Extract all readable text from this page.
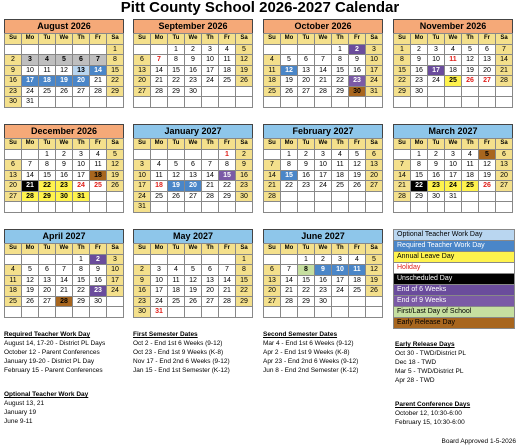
Pitt County School 2026-2027 Calendar
August 2026
Su	Mo	Tu	We	Th	Fr	Sa
						1
2	3	4	5	6	7	8
9	10	11	12	13	14	15
16	17	18	19	20	21	22
23	24	25	26	27	28	29
30	31					
September 2026
Su	Mo	Tu	We	Th	Fr	Sa
		1	2	3	4	5
6	7	8	9	10	11	12
13	14	15	16	17	18	19
20	21	22	23	24	25	26
27	28	29	30			

October 2026
Su	Mo	Tu	We	Th	Fr	Sa
				1	2	3
4	5	6	7	8	9	10
11	12	13	14	15	16	17
18	19	20	21	22	23	24
25	26	27	28	29	30	31

November 2026
Su	Mo	Tu	We	Th	Fr	Sa
1	2	3	4	5	6	7
8	9	10	11	12	13	14
15	16	17	18	19	20	21
22	23	24	25	26	27	28
29	30					

December 2026
Su	Mo	Tu	We	Th	Fr	Sa
		1	2	3	4	5
6	7	8	9	10	11	12
13	14	15	16	17	18	19
20	21	22	23	24	25	26
27	28	29	30	31		

January 2027
Su	Mo	Tu	We	Th	Fr	Sa
					1	2
3	4	5	6	7	8	9
10	11	12	13	14	15	16
17	18	19	20	21	22	23
24	25	26	27	28	29	30
31						
February 2027
Su	Mo	Tu	We	Th	Fr	Sa
	1	2	3	4	5	6
7	8	9	10	11	12	13
14	15	16	17	18	19	20
21	22	23	24	25	26	27
28						

March 2027
Su	Mo	Tu	We	Th	Fr	Sa
	1	2	3	4	5	6
7	8	9	10	11	12	13
14	15	16	17	18	19	20
21	22	23	24	25	26	27
28	29	30	31			

April 2027
Su	Mo	Tu	We	Th	Fr	Sa
				1	2	3
4	5	6	7	8	9	10
11	12	13	14	15	16	17
18	19	20	21	22	23	24
25	26	27	28	29	30	

May 2027
Su	Mo	Tu	We	Th	Fr	Sa
						1
2	3	4	5	6	7	8
9	10	11	12	13	14	15
16	17	18	19	20	21	22
23	24	25	26	27	28	29
30	31					
June 2027
Su	Mo	Tu	We	Th	Fr	Sa
		1	2	3	4	5
6	7	8	9	10	11	12
13	14	15	16	17	18	19
20	21	22	23	24	25	26
27	28	29	30			

Optional Teacher Work Day
Required Teacher Work Day
Annual Leave Day
Holiday
Unscheduled Day
End of 6 Weeks
End of 9 Weeks
First/Last Day of School
Early Release Day
Required Teacher Work Day
August 14, 17-20 - District PL Days
October 12 - Parent Conferences
January 19-20 - District PL Day
February 15 - Parent Conferences
Optional Teacher Work Day
August 13, 21
January 19
June 9-11
First Semester Dates
Oct 2 - End 1st 6 Weeks (9-12)
Oct 23 - End 1st 9 Weeks (K-8)
Nov 17 - End 2nd 6 Weeks (9-12)
Jan 15 - End 1st Semester (K-12)
Second Semester Dates
Mar 4 - End 1st 6 Weeks (9-12)
Apr 2 - End 1st 9 Weeks (K-8)
Apr 23 - End 2nd 6 Weeks (9-12)
Jun 8 - End 2nd Semester (K-12)
Early Release Days
Oct 30 - TWD/District PL
Dec 18 - TWD
Mar 5 - TWD/District PL
Apr 28 - TWD
Parent Conference Days
October 12, 10:30-6:00
February 15, 10:30-6:00
Board Approved 1-5-2026
